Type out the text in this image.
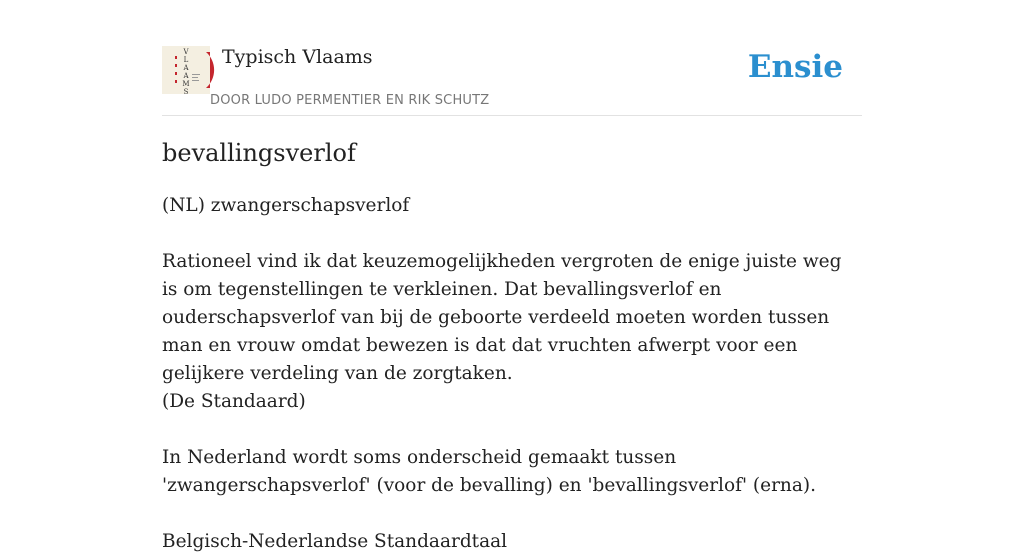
V
L
A
A
M
S
Typisch Vlaams
DOOR LUDO PERMENTIER EN RIK SCHUTZ
Ensie
bevallingsverlof

(NL) zwangerschapsverlof

Rationeel vind ik dat keuzemogelijkheden vergroten de enige juiste weg is om tegenstellingen te verkleinen. Dat bevallingsverlof en ouderschapsverlof van bij de geboorte verdeeld moeten worden tussen man en vrouw omdat bewezen is dat dat vruchten afwerpt voor een gelijkere verdeling van de zorgtaken.

(De Standaard)

In Nederland wordt soms onderscheid gemaakt tussen 'zwangerschapsverlof' (voor de bevalling) en 'bevallingsverlof' (erna).

Belgisch-Nederlandse Standaardtaal
